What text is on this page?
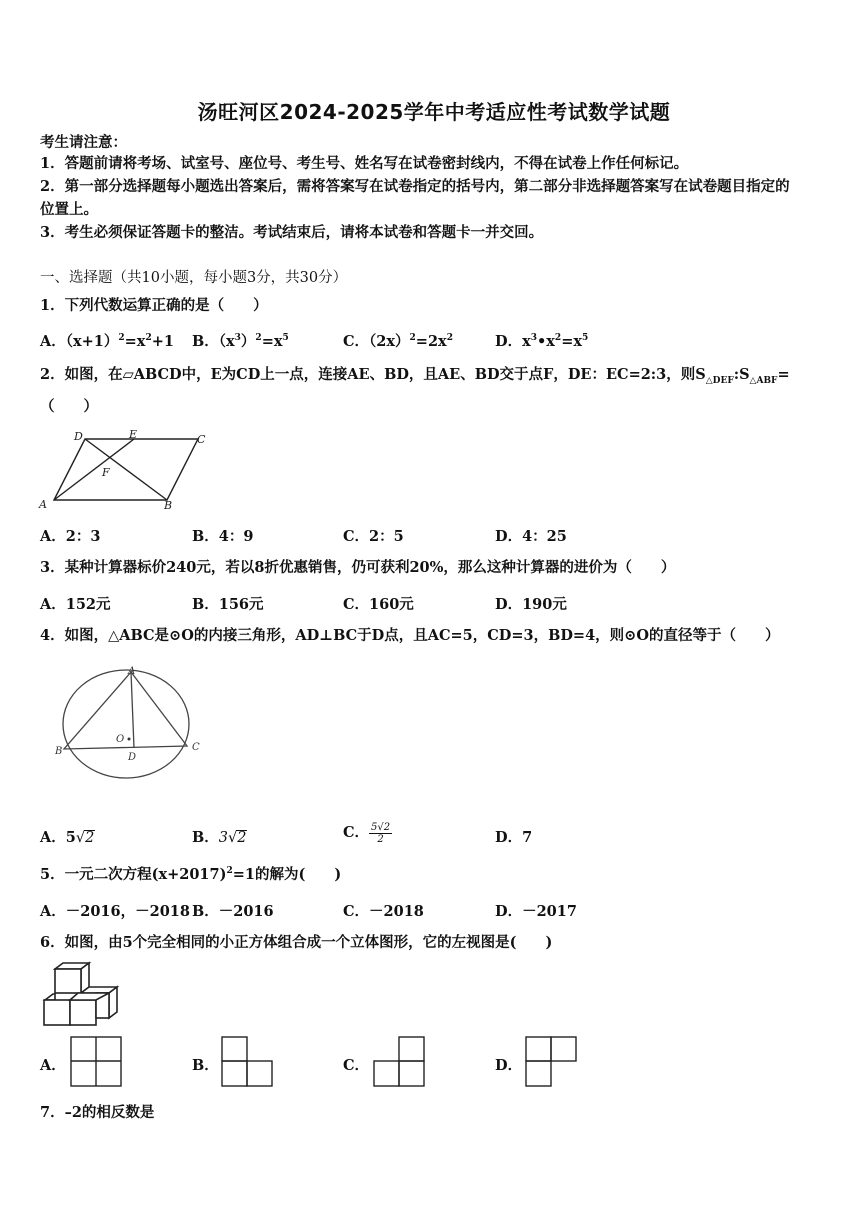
汤旺河区2024-2025学年中考适应性考试数学试题
考生请注意：
1．答题前请将考场、试室号、座位号、考生号、姓名写在试卷密封线内，不得在试卷上作任何标记。
2．第一部分选择题每小题选出答案后，需将答案写在试卷指定的括号内，第二部分非选择题答案写在试卷题目指定的
位置上。
3．考生必须保证答题卡的整洁。考试结束后，请将本试卷和答题卡一并交回。
一、选择题（共10小题，每小题3分，共30分）
1．下列代数运算正确的是（　　）
A．$(x+1)^2=x^2+1$ B．$(x^3)^2=x^5$	C．$(2x)^2=2x^2$	D．$x^3•x^2=x^5$
2．如图，在▱ABCD中，E为CD上一点，连接AE、BD，且AE、BD交于点F，DE：EC=2:3，则$S_{\triangle DEF}:S_{\triangle ABF}=$
（　　）
D	E	C
F
A	B
A．2：3	B．4：9	C．2：5	D．4：25
3．某种计算器标价240元，若以8折优惠销售，仍可获利20%，那么这种计算器的进价为（　　）
A．152元	B．156元	C．160元	D．190元
4．如图，△ABC是⊙O的内接三角形，AD⊥BC于D点，且AC=5，CD=3，BD=4，则⊙O的直径等于（　　）
A
B	C
D
O
A．5√2	B．3√2	C． $\frac{5√2}{2}$	D．7
5．一元二次方程$(x+2017)^2=1$的解为(　　)
A．－2016，－2018 B．－2016	C．－2018	D．－2017
6．如图，由5个完全相同的小正方体组合成一个立体图形，它的左视图是(　　)
A．	B．	C．	D．
7．–2的相反数是
